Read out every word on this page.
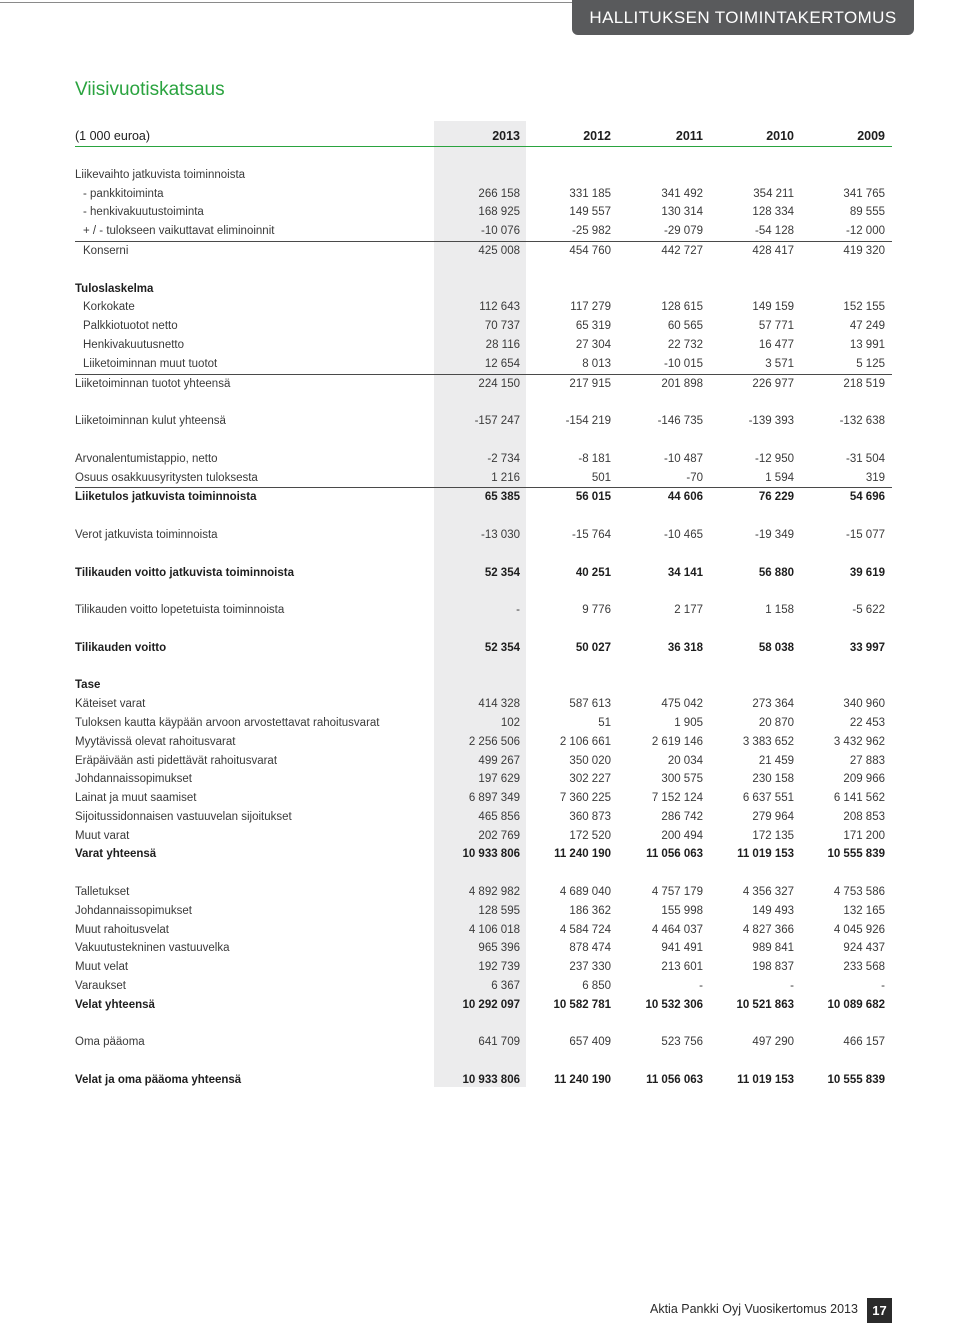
HALLITUKSEN TOIMINTAKERTOMUS
Viisivuotiskatsaus
(1 000 euroa)	2013	2012	2011	2010	2009
Liikevaihto jatkuvista toiminnoista
- pankkitoiminta	266 158	331 185	341 492	354 211	341 765
- henkivakuutustoiminta	168 925	149 557	130 314	128 334	89 555
+ / - tulokseen vaikuttavat eliminoinnit	-10 076	-25 982	-29 079	-54 128	-12 000
Konserni	425 008	454 760	442 727	428 417	419 320
Tuloslaskelma
Korkokate	112 643	117 279	128 615	149 159	152 155
Palkkiotuotot netto	70 737	65 319	60 565	57 771	47 249
Henkivakuutusnetto	28 116	27 304	22 732	16 477	13 991
Liiketoiminnan muut tuotot	12 654	8 013	-10 015	3 571	5 125
Liiketoiminnan tuotot yhteensä	224 150	217 915	201 898	226 977	218 519
Liiketoiminnan kulut yhteensä	-157 247	-154 219	-146 735	-139 393	-132 638
Arvonalentumistappio, netto	-2 734	-8 181	-10 487	-12 950	-31 504
Osuus osakkuusyritysten tuloksesta	1 216	501	-70	1 594	319
Liiketulos jatkuvista toiminnoista	65 385	56 015	44 606	76 229	54 696
Verot jatkuvista toiminnoista	-13 030	-15 764	-10 465	-19 349	-15 077
Tilikauden voitto jatkuvista toiminnoista	52 354	40 251	34 141	56 880	39 619
Tilikauden voitto lopetetuista toiminnoista	-	9 776	2 177	1 158	-5 622
Tilikauden voitto	52 354	50 027	36 318	58 038	33 997
Tase
Käteiset varat	414 328	587 613	475 042	273 364	340 960
Tuloksen kautta käypään arvoon arvostettavat rahoitusvarat	102	51	1 905	20 870	22 453
Myytävissä olevat rahoitusvarat	2 256 506	2 106 661	2 619 146	3 383 652	3 432 962
Eräpäivään asti pidettävät rahoitusvarat	499 267	350 020	20 034	21 459	27 883
Johdannaissopimukset	197 629	302 227	300 575	230 158	209 966
Lainat ja muut saamiset	6 897 349	7 360 225	7 152 124	6 637 551	6 141 562
Sijoitussidonnaisen vastuuvelan sijoitukset	465 856	360 873	286 742	279 964	208 853
Muut varat	202 769	172 520	200 494	172 135	171 200
Varat yhteensä	10 933 806	11 240 190	11 056 063	11 019 153	10 555 839
Talletukset	4 892 982	4 689 040	4 757 179	4 356 327	4 753 586
Johdannaissopimukset	128 595	186 362	155 998	149 493	132 165
Muut rahoitusvelat	4 106 018	4 584 724	4 464 037	4 827 366	4 045 926
Vakuutustekninen vastuuvelka	965 396	878 474	941 491	989 841	924 437
Muut velat	192 739	237 330	213 601	198 837	233 568
Varaukset	6 367	6 850	-	-	-
Velat yhteensä	10 292 097	10 582 781	10 532 306	10 521 863	10 089 682
Oma pääoma	641 709	657 409	523 756	497 290	466 157
Velat ja oma pääoma yhteensä	10 933 806	11 240 190	11 056 063	11 019 153	10 555 839
Aktia Pankki Oyj Vuosikertomus 2013	17
